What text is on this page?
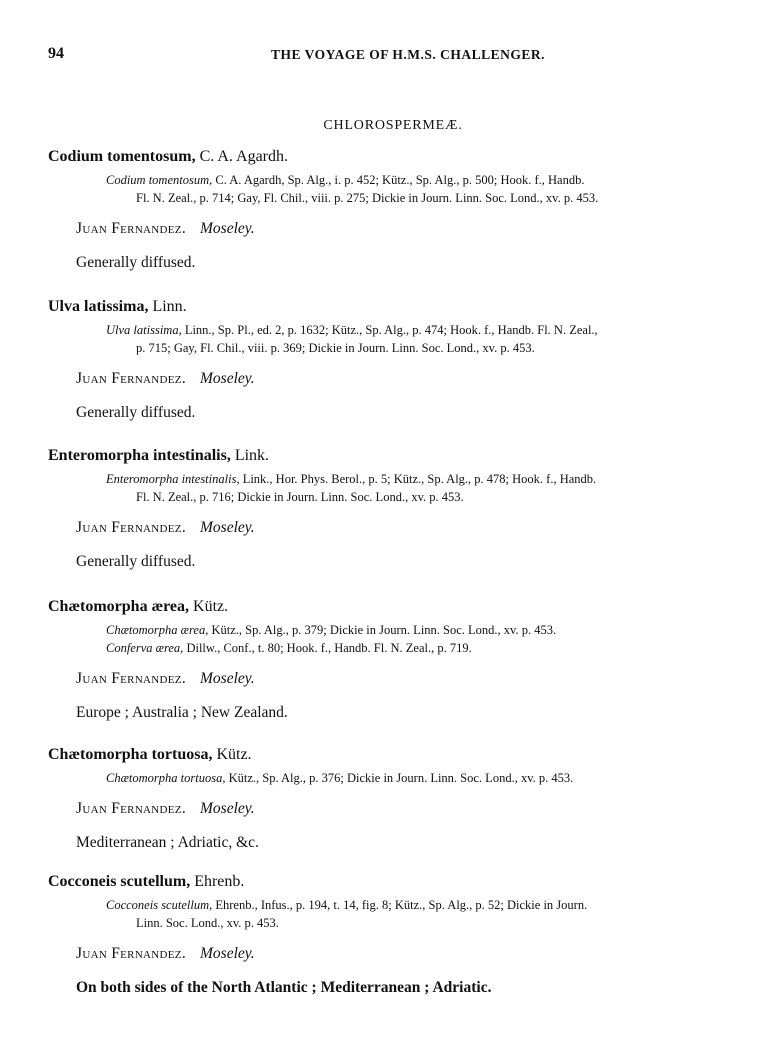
94	THE VOYAGE OF H.M.S. CHALLENGER.
CHLOROSPERMEÆ.
Codium tomentosum, C. A. Agardh.
Codium tomentosum, C. A. Agardh, Sp. Alg., i. p. 452; Kütz., Sp. Alg., p. 500; Hook. f., Handb.
Fl. N. Zeal., p. 714; Gay, Fl. Chil., viii. p. 275; Dickie in Journ. Linn. Soc. Lond., xv. p. 453.
Juan Fernandez. Moseley.
Generally diffused.
Ulva latissima, Linn.
Ulva latissima, Linn., Sp. Pl., ed. 2, p. 1632; Kütz., Sp. Alg., p. 474; Hook. f., Handb. Fl. N. Zeal.,
p. 715; Gay, Fl. Chil., viii. p. 369; Dickie in Journ. Linn. Soc. Lond., xv. p. 453.
Juan Fernandez. Moseley.
Generally diffused.
Enteromorpha intestinalis, Link.
Enteromorpha intestinalis, Link., Hor. Phys. Berol., p. 5; Kütz., Sp. Alg., p. 478; Hook. f., Handb.
Fl. N. Zeal., p. 716; Dickie in Journ. Linn. Soc. Lond., xv. p. 453.
Juan Fernandez. Moseley.
Generally diffused.
Chætomorpha ærea, Kütz.
Chætomorpha ærea, Kütz., Sp. Alg., p. 379; Dickie in Journ. Linn. Soc. Lond., xv. p. 453.
Conferva ærea, Dillw., Conf., t. 80; Hook. f., Handb. Fl. N. Zeal., p. 719.
Juan Fernandez. Moseley.
Europe ; Australia ; New Zealand.
Chætomorpha tortuosa, Kütz.
Chætomorpha tortuosa, Kütz., Sp. Alg., p. 376; Dickie in Journ. Linn. Soc. Lond., xv. p. 453.
Juan Fernandez. Moseley.
Mediterranean ; Adriatic, &c.
Cocconeis scutellum, Ehrenb.
Cocconeis scutellum, Ehrenb., Infus., p. 194, t. 14, fig. 8; Kütz., Sp. Alg., p. 52; Dickie in Journ.
Linn. Soc. Lond., xv. p. 453.
Juan Fernandez. Moseley.
On both sides of the North Atlantic ; Mediterranean ; Adriatic.
